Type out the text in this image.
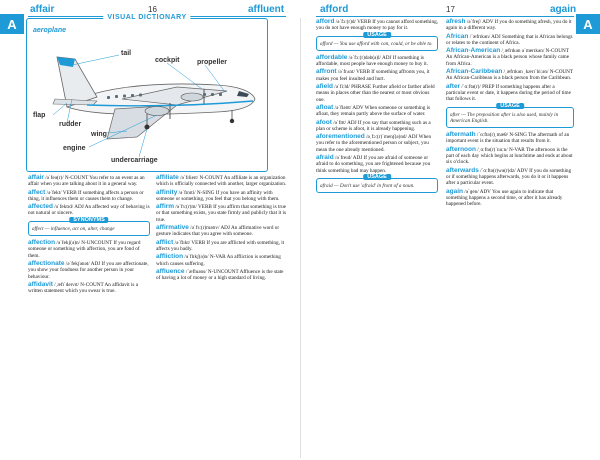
A
affair	16	affluent	afford	17	again
A
VISUAL DICTIONARY
aeroplane
tail
cockpit propeller
flap
rudder
wing
engine
undercarriage

affair /əˈfeə(r)/ N-COUNT You refer to an event as an affair when you are talking about it in a general way.

affect /əˈfekt/ VERB If something affects a person or thing, it influences them or causes them to change.

affected /əˈfektɪd/ ADJ An affected way of behaving is not natural or sincere.

SYNONYMS

affect — influence, act on, alter, change

affection /əˈfekʃ(ə)n/ N-UNCOUNT If you regard someone or something with affection, you are fond of them.

affectionate /əˈfekʃənət/ ADJ If you are affectionate, you show your fondness for another person in your behaviour.

affidavit /ˌæfɪˈdeɪvɪt/ N-COUNT An affidavit is a written statement which you swear is true.

affiliate /əˈfɪlieɪt/ N-COUNT An affiliate is an organization which is officially connected with another, larger organization.

affinity /əˈfɪnɪti/ N-SING If you have an affinity with someone or something, you feel that you belong with them.

affirm /əˈfɜː(r)m/ VERB If you affirm that something is true or that something exists, you state firmly and publicly that it is true.

affirmative /əˈfɜː(r)mətɪv/ ADJ An affirmative word or gesture indicates that you agree with someone.

afflict /əˈflɪkt/ VERB If you are afflicted with something, it affects you badly.

affliction /əˈflɪkʃ(ə)n/ N-VAR An affliction is something which causes suffering.

affluence /ˈæfluəns/ N-UNCOUNT Affluence is the state of having a lot of money or a high standard of living.

afford /əˈfɔː(r)d/ VERB If you cannot afford something, you do not have enough money to pay for it.

USAGE

afford — You use afford with can, could, or be able to.

affordable /əˈfɔː(r)dəb(ə)l/ ADJ If something is affordable, most people have enough money to buy it.

affront /əˈfrʌnt/ VERB If something affronts you, it makes you feel insulted and hurt.

afield /əˈfiːld/ PHRASE Further afield or farther afield means in places other than the nearest or most obvious one.

afloat /əˈfləʊt/ ADV When someone or something is afloat, they remain partly above the surface of water.

afoot /əˈfʊt/ ADJ If you say that something such as a plan or scheme is afoot, it is already happening.

aforementioned /əˌfɔː(r)ˈmenʃ(ə)nd/ ADJ When you refer to the aforementioned person or subject, you mean the one already mentioned.

afraid /əˈfreɪd/ ADJ If you are afraid of someone or afraid to do something, you are frightened because you think something bad may happen.

USAGE

afraid — Don't use 'afraid' in front of a noun.

afresh /əˈfreʃ/ ADV If you do something afresh, you do it again in a different way.

African /ˈæfrɪkən/ ADJ Something that is African belongs or relates to the continent of Africa.

African-American /ˌæfrɪkən əˈmerɪkən/ N-COUNT An African-American is a black person whose family came from Africa.

African-Caribbean /ˌæfrɪkən ˌkærɪˈbiːən/ N-COUNT An African-Caribbean is a black person from the Caribbean.

after /ˈɑːftə(r)/ PREP If something happens after a particular event or date, it happens during the period of time that follows it.

USAGE

after — The preposition after is also used, mainly in American English.

aftermath /ˈɑːftə(r)ˌmæθ/ N-SING The aftermath of an important event is the situation that results from it.

afternoon /ˌɑːftə(r)ˈnuːn/ N-VAR The afternoon is the part of each day which begins at lunchtime and ends at about six o'clock.

afterwards /ˈɑːftə(r)wə(r)dz/ ADV If you do something or if something happens afterwards, you do it or it happens after a particular event.

again /əˈɡen/ ADV You use again to indicate that something happens a second time, or after it has already happened before.
